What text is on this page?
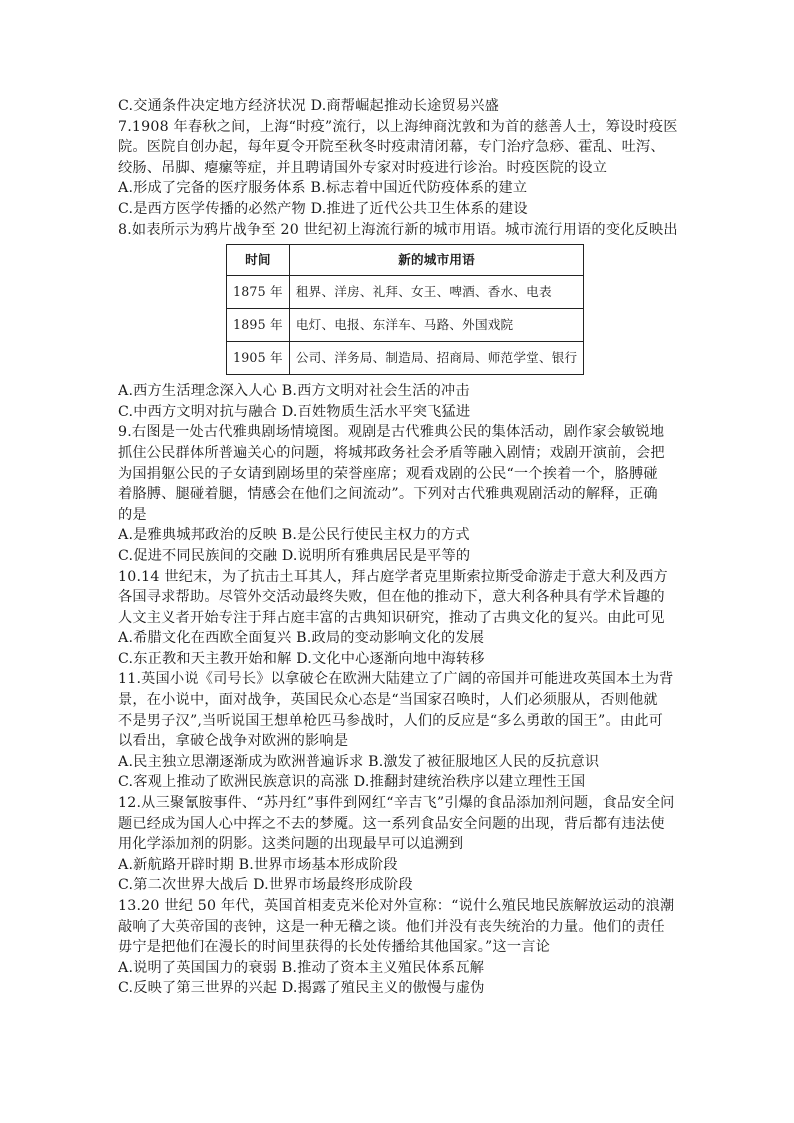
C.交通条件决定地方经济状况 D.商帮崛起推动长途贸易兴盛
7.1908 年春秋之间，上海“时疫”流行，以上海绅商沈敦和为首的慈善人士，筹设时疫医
院。医院自创办起，每年夏令开院至秋冬时疫肃清闭幕，专门治疗急痧、霍乱、吐泻、
绞肠、吊脚、瘪瘰等症，并且聘请国外专家对时疫进行诊治。时疫医院的设立
A.形成了完备的医疗服务体系 B.标志着中国近代防疫体系的建立
C.是西方医学传播的必然产物 D.推进了近代公共卫生体系的建设
8.如表所示为鸦片战争至 20 世纪初上海流行新的城市用语。城市流行用语的变化反映出
时间	新的城市用语
1875 年	租界、洋房、礼拜、女王、啤酒、香水、电表
1895 年	电灯、电报、东洋车、马路、外国戏院
1905 年	公司、洋务局、制造局、招商局、师范学堂、银行
A.西方生活理念深入人心 B.西方文明对社会生活的冲击
C.中西方文明对抗与融合 D.百姓物质生活水平突飞猛进
9.右图是一处古代雅典剧场情境图。观剧是古代雅典公民的集体活动，剧作家会敏锐地
抓住公民群体所普遍关心的问题，将城邦政务社会矛盾等融入剧情；戏剧开演前，会把
为国捐躯公民的子女请到剧场里的荣誉座席；观看戏剧的公民“一个挨着一个，胳膊碰
着胳膊、腿碰着腿，情感会在他们之间流动”。下列对古代雅典观剧活动的解释，正确
的是
A.是雅典城邦政治的反映 B.是公民行使民主权力的方式
C.促进不同民族间的交融 D.说明所有雅典居民是平等的
10.14 世纪末，为了抗击土耳其人，拜占庭学者克里斯索拉斯受命游走于意大利及西方
各国寻求帮助。尽管外交活动最终失败，但在他的推动下，意大利各种具有学术旨趣的
人文主义者开始专注于拜占庭丰富的古典知识研究，推动了古典文化的复兴。由此可见
A.希腊文化在西欧全面复兴 B.政局的变动影响文化的发展
C.东正教和天主教开始和解 D.文化中心逐渐向地中海转移
11.英国小说《司号长》以拿破仑在欧洲大陆建立了广阔的帝国并可能进攻英国本土为背
景，在小说中，面对战争，英国民众心态是“当国家召唤时，人们必须服从，否则他就
不是男子汉”,当听说国王想单枪匹马参战时，人们的反应是“多么勇敢的国王”。由此可
以看出，拿破仑战争对欧洲的影响是
A.民主独立思潮逐渐成为欧洲普遍诉求 B.激发了被征服地区人民的反抗意识
C.客观上推动了欧洲民族意识的高涨 D.推翻封建统治秩序以建立理性王国
12.从三聚氰胺事件、“苏丹红”事件到网红“辛吉飞”引爆的食品添加剂问题，食品安全问
题已经成为国人心中挥之不去的梦魇。这一系列食品安全问题的出现，背后都有违法使
用化学添加剂的阴影。这类问题的出现最早可以追溯到
A.新航路开辟时期 B.世界市场基本形成阶段
C.第二次世界大战后 D.世界市场最终形成阶段
13.20 世纪 50 年代，英国首相麦克米伦对外宣称：“说什么殖民地民族解放运动的浪潮
敲响了大英帝国的丧钟，这是一种无稽之谈。他们并没有丧失统治的力量。他们的责任
毋宁是把他们在漫长的时间里获得的长处传播给其他国家。”这一言论
A.说明了英国国力的衰弱 B.推动了资本主义殖民体系瓦解
C.反映了第三世界的兴起 D.揭露了殖民主义的傲慢与虚伪
